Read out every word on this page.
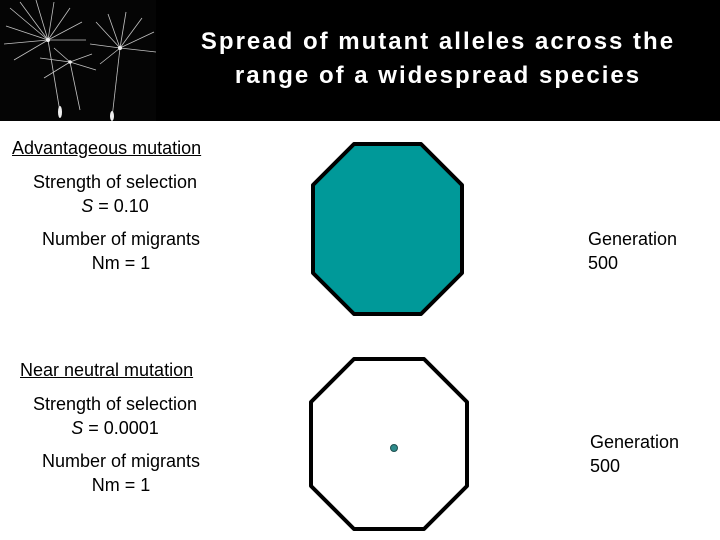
Spread of mutant alleles across the
range of a widespread species
Advantageous mutation
Strength of selection
S = 0.10
Number of migrants
Nm = 1
Generation
500
Near neutral mutation
Strength of selection
S = 0.0001
Number of migrants
Nm = 1
Generation
500
